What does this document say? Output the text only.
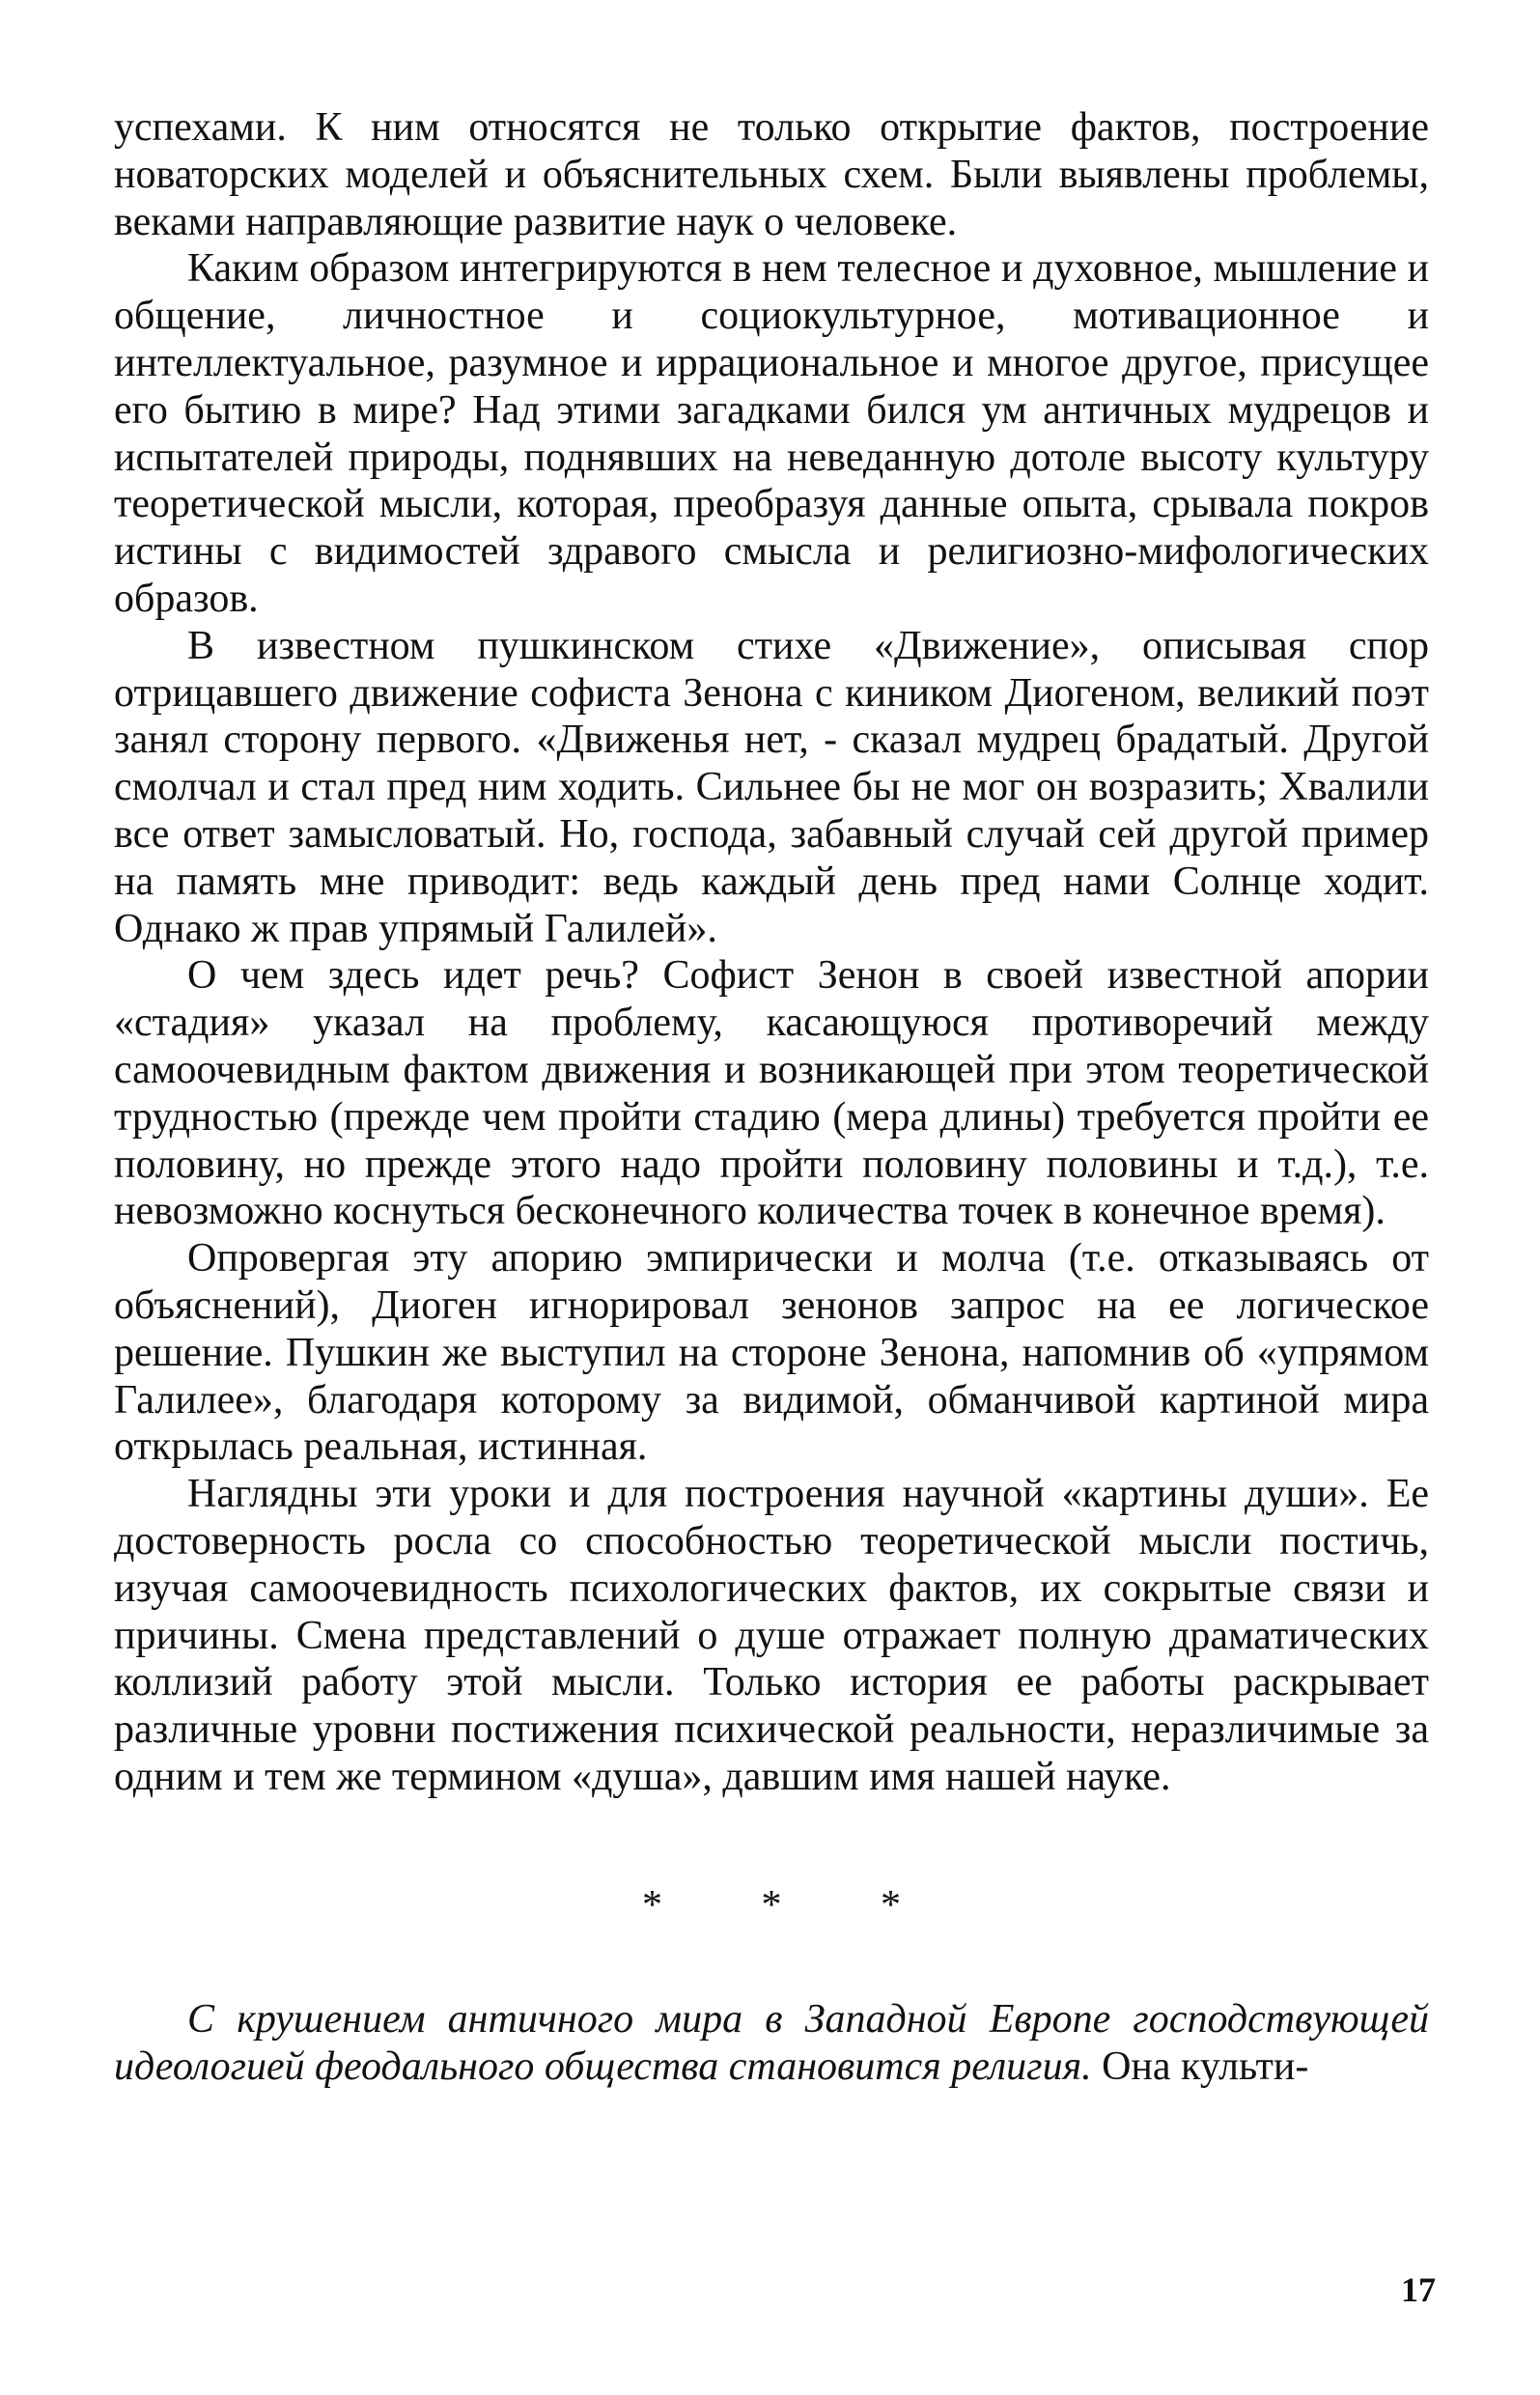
успехами. К ним относятся не только открытие фактов, построение новаторских моделей и объяснительных схем. Были выявлены проблемы, веками направляющие развитие наук о человеке.

Каким образом интегрируются в нем телесное и духовное, мышление и общение, личностное и социокультурное, мотивационное и интеллектуальное, разумное и иррациональное и многое другое, присущее его бытию в мире? Над этими загадками бился ум античных мудрецов и испытателей природы, поднявших на неведанную дотоле высоту культуру теоретической мысли, которая, преобразуя данные опыта, срывала покров истины с видимостей здравого смысла и религиозно-мифологических образов.

В известном пушкинском стихе «Движение», описывая спор отрицавшего движение софиста Зенона с киником Диогеном, великий поэт занял сторону первого. «Движенья нет, - сказал мудрец брадатый. Другой смолчал и стал пред ним ходить. Сильнее бы не мог он возразить; Хвалили все ответ замысловатый. Но, господа, забавный случай сей другой пример на память мне приводит: ведь каждый день пред нами Солнце ходит. Однако ж прав упрямый Галилей».

О чем здесь идет речь? Софист Зенон в своей известной апории «стадия» указал на проблему, касающуюся противоречий между самоочевидным фактом движения и возникающей при этом теоретической трудностью (прежде чем пройти стадию (мера длины) требуется пройти ее половину, но прежде этого надо пройти половину половины и т.д.), т.е. невозможно коснуться бесконечного количества точек в конечное время).

Опровергая эту апорию эмпирически и молча (т.е. отказываясь от объяснений), Диоген игнорировал зенонов запрос на ее логическое решение. Пушкин же выступил на стороне Зенона, напомнив об «упрямом Галилее», благодаря которому за видимой, обманчивой картиной мира открылась реальная, истинная.

Наглядны эти уроки и для построения научной «картины души». Ее достоверность росла со способностью теоретической мысли постичь, изучая самоочевидность психологических фактов, их сокрытые связи и причины. Смена представлений о душе отражает полную драматических коллизий работу этой мысли. Только история ее работы раскрывает различные уровни постижения психической реальности, неразличимые за одним и тем же термином «душа», давшим имя нашей науке.

* * *

С крушением античного мира в Западной Европе господствующей идеологией феодального общества становится религия. Она культи-

17
